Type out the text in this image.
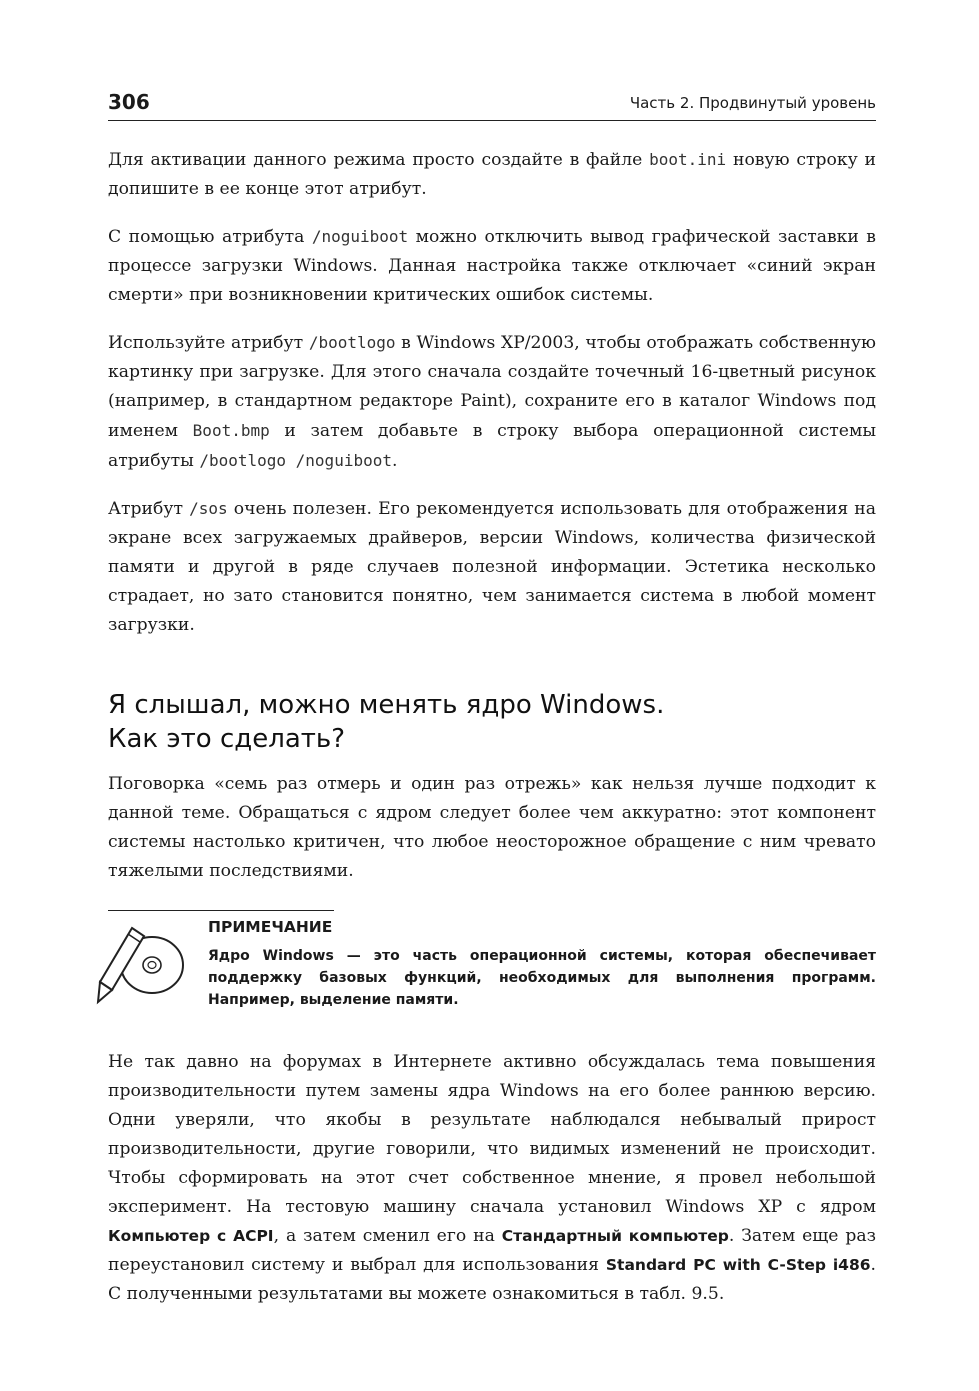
306	Часть 2. Продвинутый уровень

Для активации данного режима просто создайте в файле boot.ini новую строку и допишите в ее конце этот атрибут.

С помощью атрибута /noguiboot можно отключить вывод графической заставки в процессе загрузки Windows. Данная настройка также отключает «синий экран смерти» при возникновении критических ошибок системы.

Используйте атрибут /bootlogo в Windows XP/2003, чтобы отображать собственную картинку при загрузке. Для этого сначала создайте точечный 16-цветный рисунок (например, в стандартном редакторе Paint), сохраните его в каталог Windows под именем Boot.bmp и затем добавьте в строку выбора операционной системы атрибуты /bootlogo /noguiboot.

Атрибут /sos очень полезен. Его рекомендуется использовать для отображения на экране всех загружаемых драйверов, версии Windows, количества физической памяти и другой в ряде случаев полезной информации. Эстетика несколько страдает, но зато становится понятно, чем занимается система в любой момент загрузки.

Я слышал, можно менять ядро Windows.
Как это сделать?

Поговорка «семь раз отмерь и один раз отрежь» как нельзя лучше подходит к данной теме. Обращаться с ядром следует более чем аккуратно: этот компонент системы настолько критичен, что любое неосторожное обращение с ним чревато тяжелыми последствиями.

ПРИМЕЧАНИЕ
Ядро Windows — это часть операционной системы, которая обеспечивает поддержку базовых функций, необходимых для выполнения программ. Например, выделение памяти.

Не так давно на форумах в Интернете активно обсуждалась тема повышения производительности путем замены ядра Windows на его более раннюю версию. Одни уверяли, что якобы в результате наблюдался небывалый прирост производительности, другие говорили, что видимых изменений не происходит. Чтобы сформировать на этот счет собственное мнение, я провел небольшой эксперимент. На тестовую машину сначала установил Windows XP с ядром Компьютер с ACPI, а затем сменил его на Стандартный компьютер. Затем еще раз переустановил систему и выбрал для использования Standard PC with C-Step i486. С полученными результатами вы можете ознакомиться в табл. 9.5.
